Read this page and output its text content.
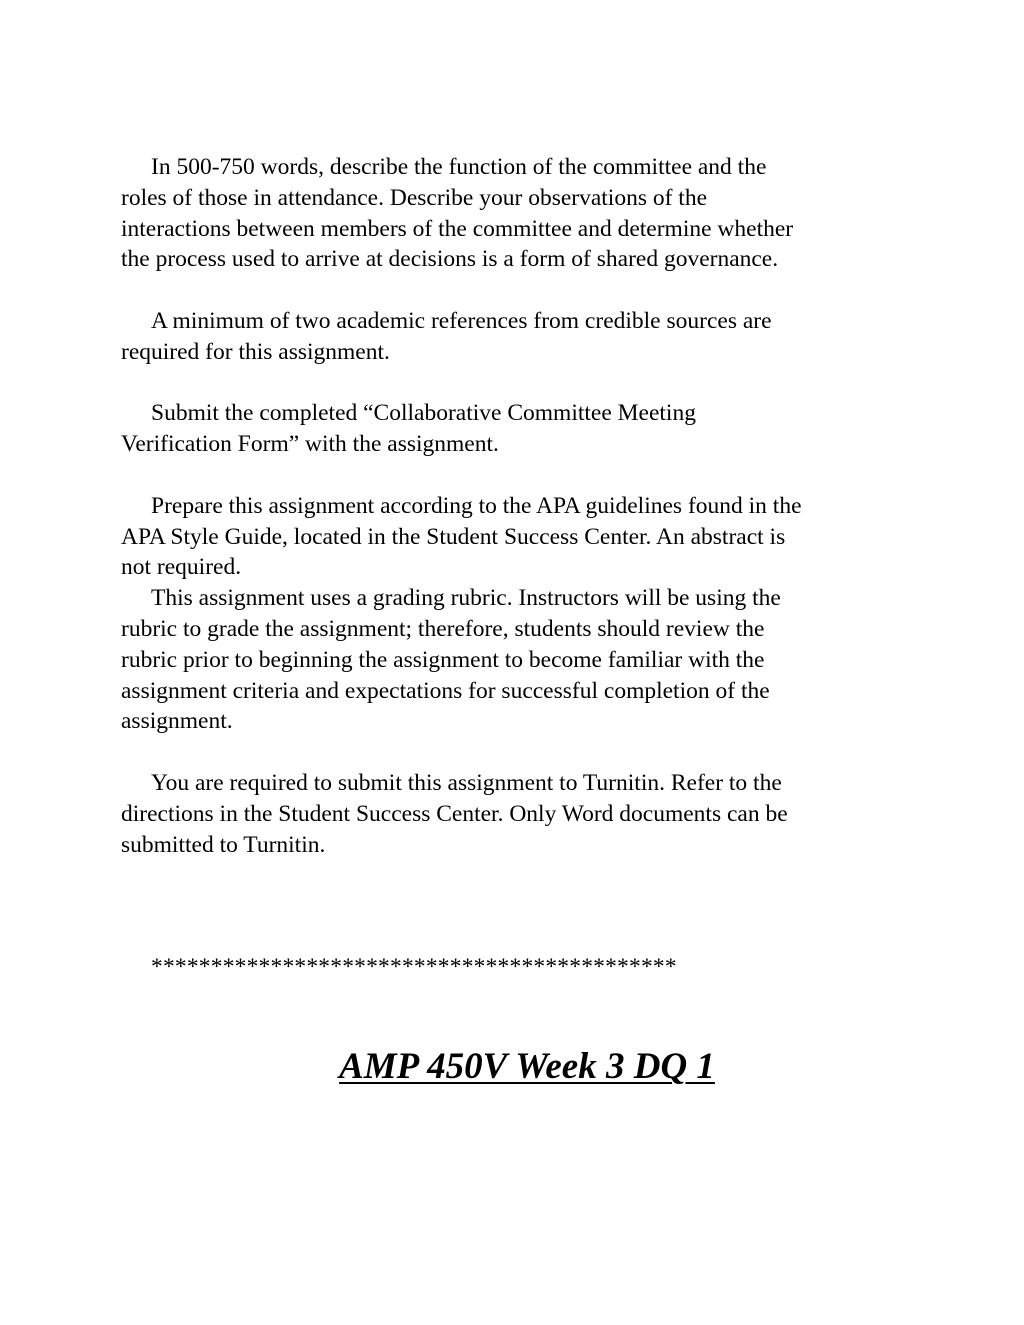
In 500-750 words, describe the function of the committee and the
roles of those in attendance. Describe your observations of the
interactions between members of the committee and determine whether
the process used to arrive at decisions is a form of shared governance.

A minimum of two academic references from credible sources are
required for this assignment.

Submit the completed “Collaborative Committee Meeting
Verification Form” with the assignment.

Prepare this assignment according to the APA guidelines found in the
APA Style Guide, located in the Student Success Center. An abstract is
not required.

This assignment uses a grading rubric. Instructors will be using the
rubric to grade the assignment; therefore, students should review the
rubric prior to beginning the assignment to become familiar with the
assignment criteria and expectations for successful completion of the
assignment.

You are required to submit this assignment to Turnitin. Refer to the
directions in the Student Success Center. Only Word documents can be
submitted to Turnitin.

********************************************
AMP 450V Week 3 DQ 1
